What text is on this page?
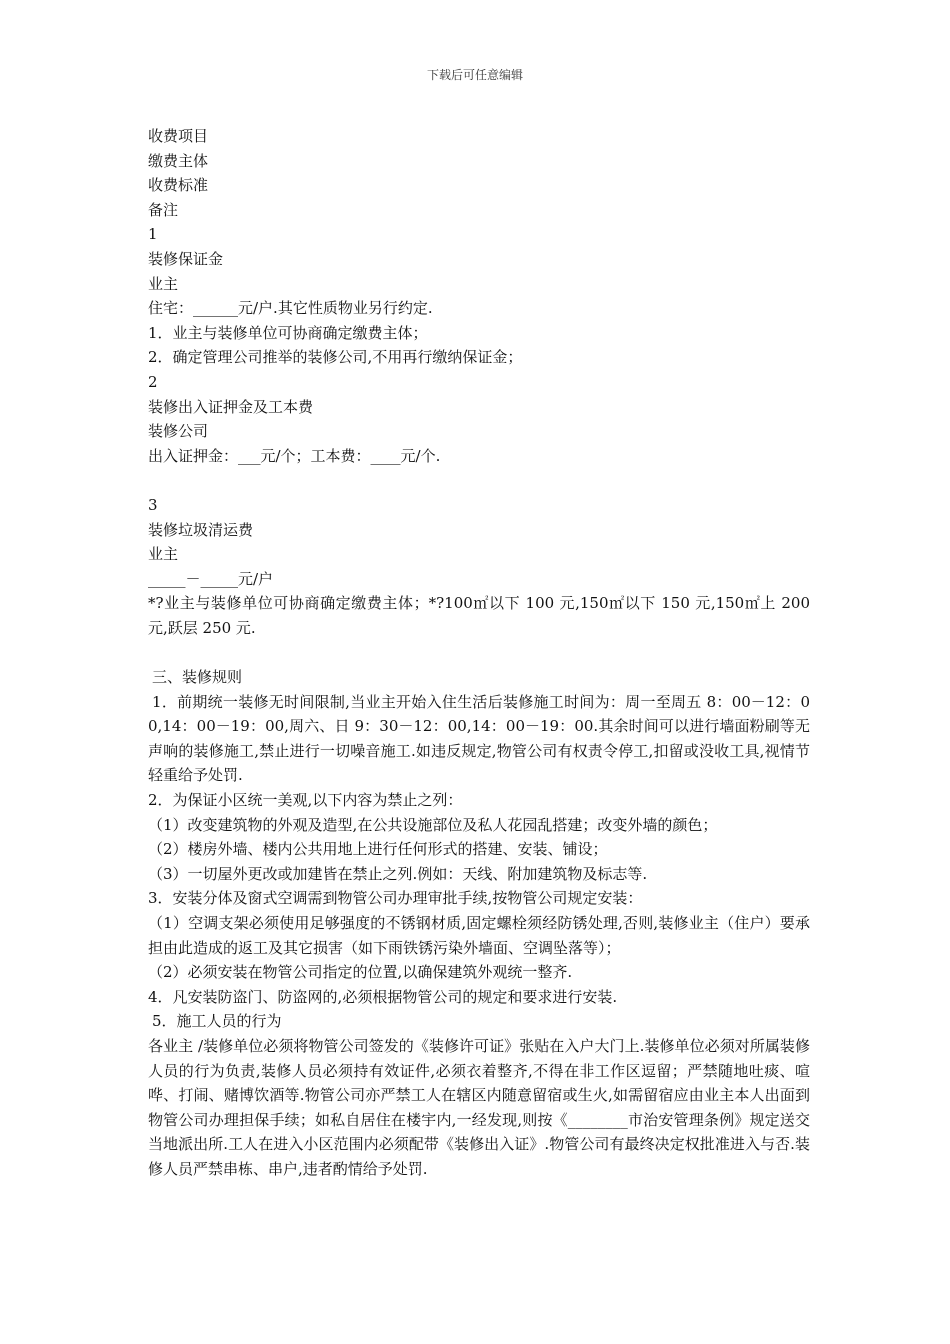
下载后可任意编辑
收费项目
缴费主体
收费标准
备注
1
装修保证金
业主
住宅：______元/户.其它性质物业另行约定.
1．业主与装修单位可协商确定缴费主体；
2．确定管理公司推举的装修公司,不用再行缴纳保证金；
2
装修出入证押金及工本费
装修公司
出入证押金：___元/个；工本费：____元/个.
3
装修垃圾清运费
业主
_____－_____元/户
*?业主与装修单位可协商确定缴费主体；*?100㎡以下 100 元,150㎡以下 150 元,150㎡上 200 元,跃层 250 元.
三、装修规则
1．前期统一装修无时间限制,当业主开始入住生活后装修施工时间为：周一至周五 8：00－12：00,14：00－19：00,周六、日 9：30－12：00,14：00－19：00.其余时间可以进行墙面粉刷等无声响的装修施工,禁止进行一切噪音施工.如违反规定,物管公司有权责令停工,扣留或没收工具,视情节轻重给予处罚.
2．为保证小区统一美观,以下内容为禁止之列：
（1）改变建筑物的外观及造型,在公共设施部位及私人花园乱搭建；改变外墙的颜色；
（2）楼房外墙、楼内公共用地上进行任何形式的搭建、安装、铺设；
（3）一切屋外更改或加建皆在禁止之列.例如：天线、附加建筑物及标志等.
3．安装分体及窗式空调需到物管公司办理审批手续,按物管公司规定安装：
（1）空调支架必须使用足够强度的不锈钢材质,固定螺栓须经防锈处理,否则,装修业主（住户）要承担由此造成的返工及其它损害（如下雨铁锈污染外墙面、空调坠落等）；
（2）必须安装在物管公司指定的位置,以确保建筑外观统一整齐.
4．凡安装防盗门、防盗网的,必须根据物管公司的规定和要求进行安装.
5．施工人员的行为
各业主 /装修单位必须将物管公司签发的《装修许可证》张贴在入户大门上.装修单位必须对所属装修人员的行为负责,装修人员必须持有效证件,必须衣着整齐,不得在非工作区逗留；严禁随地吐痰、喧哗、打闹、赌博饮酒等.物管公司亦严禁工人在辖区内随意留宿或生火,如需留宿应由业主本人出面到物管公司办理担保手续；如私自居住在楼宇内,一经发现,则按《________市治安管理条例》规定送交当地派出所.工人在进入小区范围内必须配带《装修出入证》.物管公司有最终决定权批准进入与否.装修人员严禁串栋、串户,违者酌情给予处罚.
